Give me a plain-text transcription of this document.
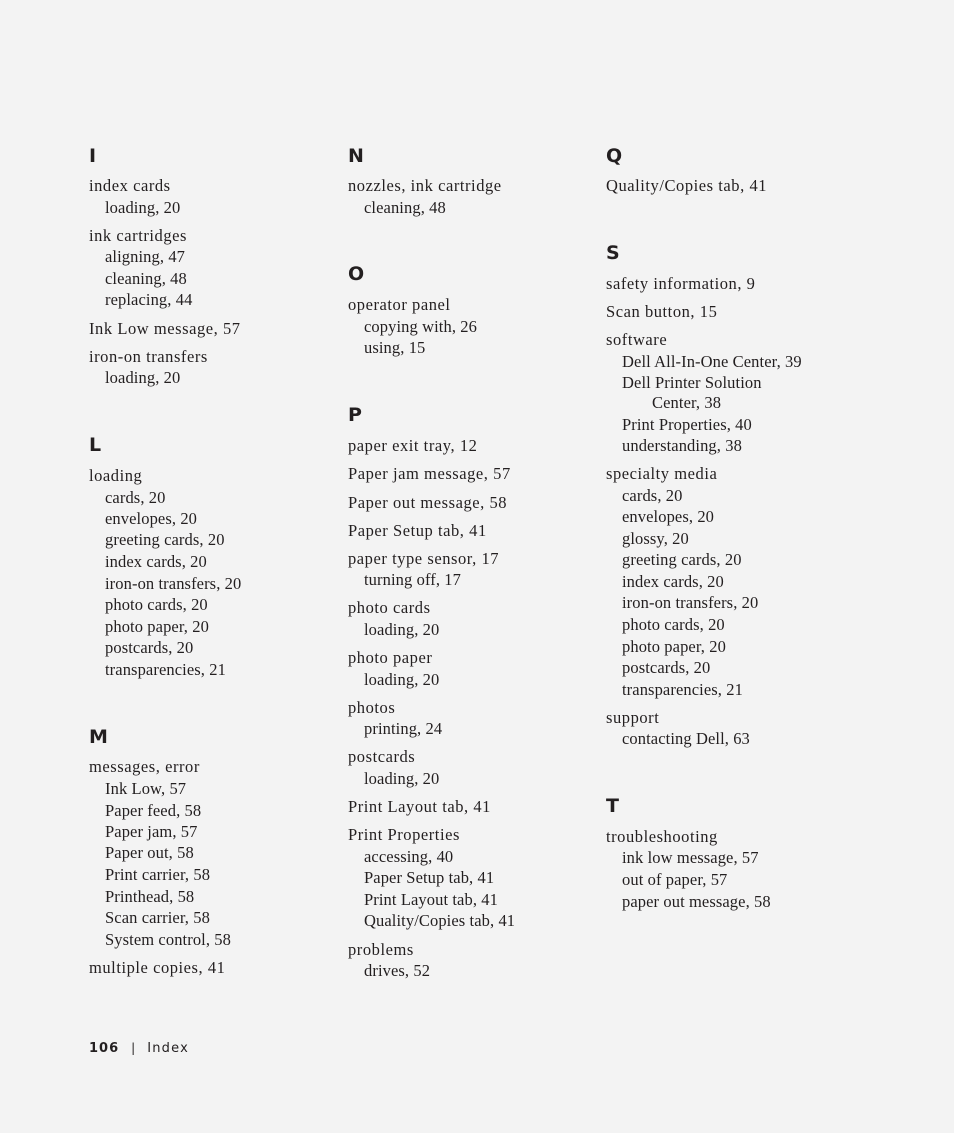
I
index cards
loading, 20
ink cartridges
aligning, 47
cleaning, 48
replacing, 44
Ink Low message, 57
iron-on transfers
loading, 20
L
loading
cards, 20
envelopes, 20
greeting cards, 20
index cards, 20
iron-on transfers, 20
photo cards, 20
photo paper, 20
postcards, 20
transparencies, 21
M
messages, error
Ink Low, 57
Paper feed, 58
Paper jam, 57
Paper out, 58
Print carrier, 58
Printhead, 58
Scan carrier, 58
System control, 58
multiple copies, 41
N
nozzles, ink cartridge
cleaning, 48
O
operator panel
copying with, 26
using, 15
P
paper exit tray, 12
Paper jam message, 57
Paper out message, 58
Paper Setup tab, 41
paper type sensor, 17
turning off, 17
photo cards
loading, 20
photo paper
loading, 20
photos
printing, 24
postcards
loading, 20
Print Layout tab, 41
Print Properties
accessing, 40
Paper Setup tab, 41
Print Layout tab, 41
Quality/Copies tab, 41
problems
drives, 52
Q
Quality/Copies tab, 41
S
safety information, 9
Scan button, 15
software
Dell All-In-One Center, 39
Dell Printer Solution
Center, 38
Print Properties, 40
understanding, 38
specialty media
cards, 20
envelopes, 20
glossy, 20
greeting cards, 20
index cards, 20
iron-on transfers, 20
photo cards, 20
photo paper, 20
postcards, 20
transparencies, 21
support
contacting Dell, 63
T
troubleshooting
ink low message, 57
out of paper, 57
paper out message, 58
106 | Index
